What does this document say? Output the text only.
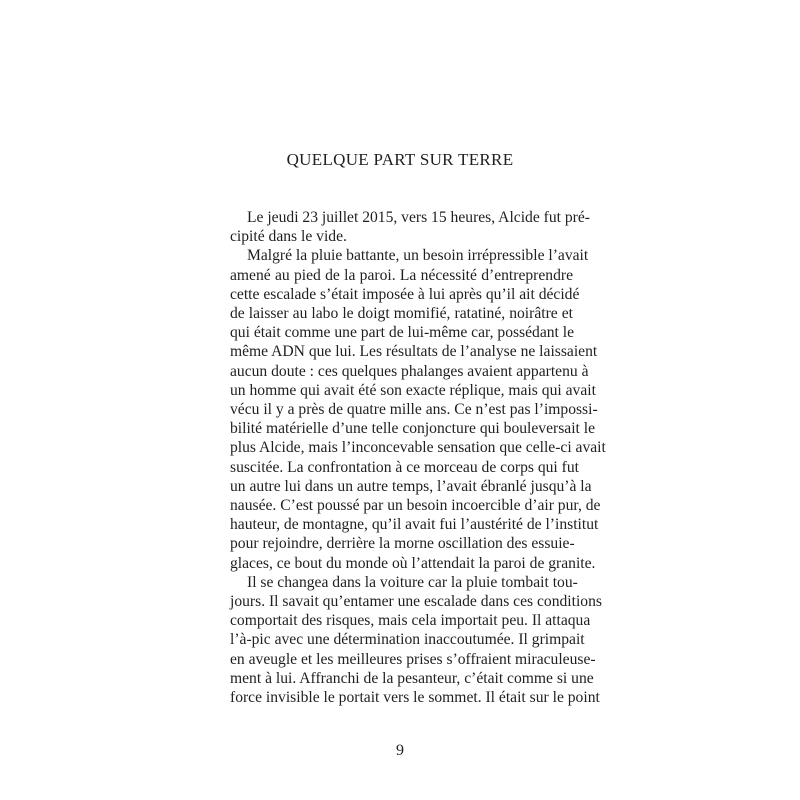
QUELQUE PART SUR TERRE
Le jeudi 23 juillet 2015, vers 15 heures, Alcide fut pré-
cipité dans le vide.
Malgré la pluie battante, un besoin irrépressible l’avait
amené au pied de la paroi. La nécessité d’entreprendre
cette escalade s’était imposée à lui après qu’il ait décidé
de laisser au labo le doigt momifié, ratatiné, noirâtre et
qui était comme une part de lui-même car, possédant le
même ADN que lui. Les résultats de l’analyse ne laissaient
aucun doute : ces quelques phalanges avaient appartenu à
un homme qui avait été son exacte réplique, mais qui avait
vécu il y a près de quatre mille ans. Ce n’est pas l’impossi-
bilité matérielle d’une telle conjoncture qui bouleversait le
plus Alcide, mais l’inconcevable sensation que celle-ci avait
suscitée. La confrontation à ce morceau de corps qui fut
un autre lui dans un autre temps, l’avait ébranlé jusqu’à la
nausée. C’est poussé par un besoin incoercible d’air pur, de
hauteur, de montagne, qu’il avait fui l’austérité de l’institut
pour rejoindre, derrière la morne oscillation des essuie-
glaces, ce bout du monde où l’attendait la paroi de granite.
Il se changea dans la voiture car la pluie tombait tou-
jours. Il savait qu’entamer une escalade dans ces conditions
comportait des risques, mais cela importait peu. Il attaqua
l’à-pic avec une détermination inaccoutumée. Il grimpait
en aveugle et les meilleures prises s’offraient miraculeuse-
ment à lui. Affranchi de la pesanteur, c’était comme si une
force invisible le portait vers le sommet. Il était sur le point
9
